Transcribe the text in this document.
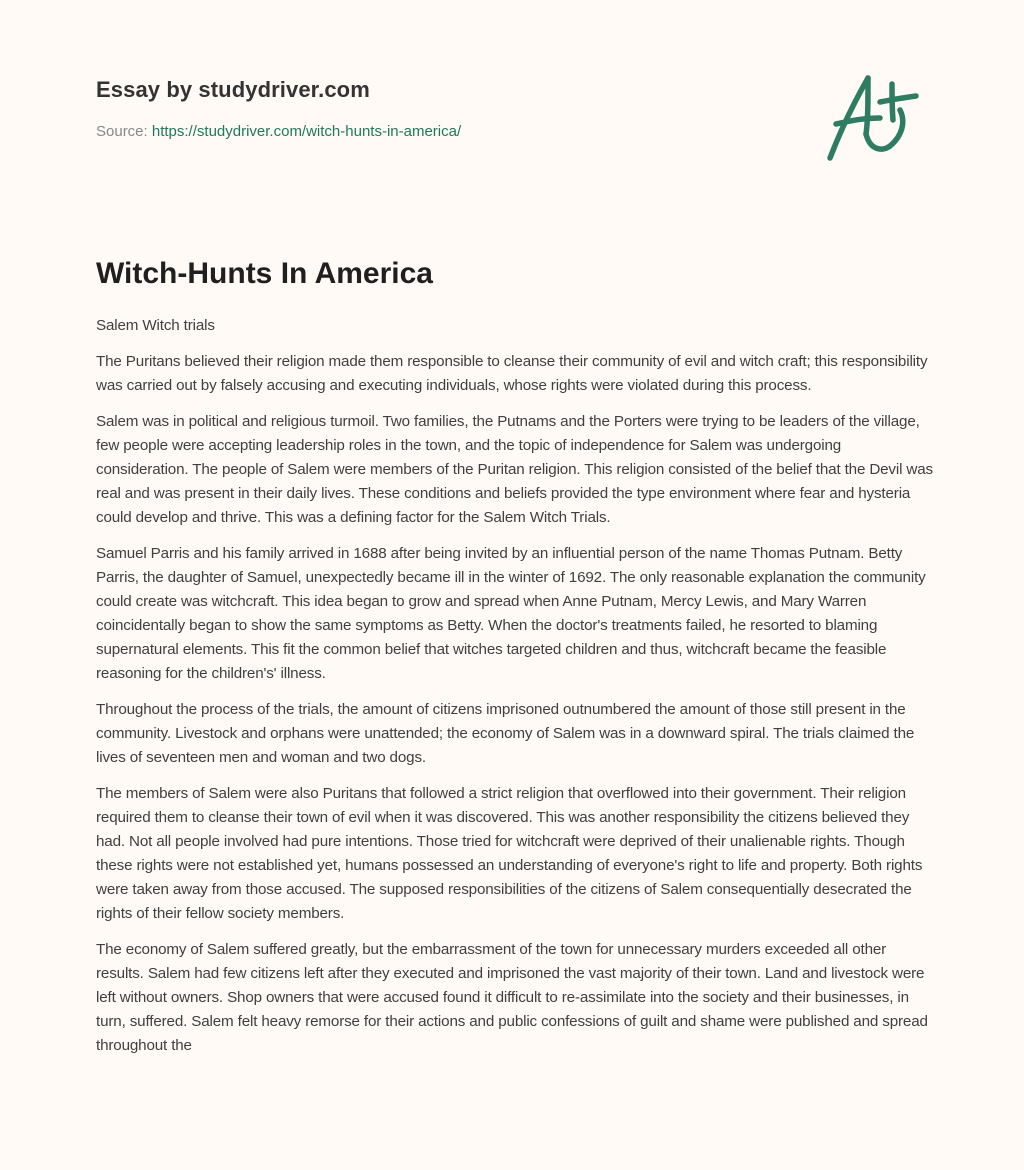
Essay by studydriver.com
Source: https://studydriver.com/witch-hunts-in-america/
Witch-Hunts In America

Salem Witch trials

The Puritans believed their religion made them responsible to cleanse their community of evil and witch craft; this responsibility was carried out by falsely accusing and executing individuals, whose rights were violated during this process.

Salem was in political and religious turmoil. Two families, the Putnams and the Porters were trying to be leaders of the village, few people were accepting leadership roles in the town, and the topic of independence for Salem was undergoing consideration. The people of Salem were members of the Puritan religion. This religion consisted of the belief that the Devil was real and was present in their daily lives. These conditions and beliefs provided the type environment where fear and hysteria could develop and thrive. This was a defining factor for the Salem Witch Trials.

Samuel Parris and his family arrived in 1688 after being invited by an influential person of the name Thomas Putnam. Betty Parris, the daughter of Samuel, unexpectedly became ill in the winter of 1692. The only reasonable explanation the community could create was witchcraft. This idea began to grow and spread when Anne Putnam, Mercy Lewis, and Mary Warren coincidentally began to show the same symptoms as Betty. When the doctor's treatments failed, he resorted to blaming supernatural elements. This fit the common belief that witches targeted children and thus, witchcraft became the feasible reasoning for the children's' illness.

Throughout the process of the trials, the amount of citizens imprisoned outnumbered the amount of those still present in the community. Livestock and orphans were unattended; the economy of Salem was in a downward spiral. The trials claimed the lives of seventeen men and woman and two dogs.

The members of Salem were also Puritans that followed a strict religion that overflowed into their government. Their religion required them to cleanse their town of evil when it was discovered. This was another responsibility the citizens believed they had. Not all people involved had pure intentions. Those tried for witchcraft were deprived of their unalienable rights. Though these rights were not established yet, humans possessed an understanding of everyone's right to life and property. Both rights were taken away from those accused. The supposed responsibilities of the citizens of Salem consequentially desecrated the rights of their fellow society members.

The economy of Salem suffered greatly, but the embarrassment of the town for unnecessary murders exceeded all other results. Salem had few citizens left after they executed and imprisoned the vast majority of their town. Land and livestock were left without owners. Shop owners that were accused found it difficult to re-assimilate into the society and their businesses, in turn, suffered. Salem felt heavy remorse for their actions and public confessions of guilt and shame were published and spread throughout the
